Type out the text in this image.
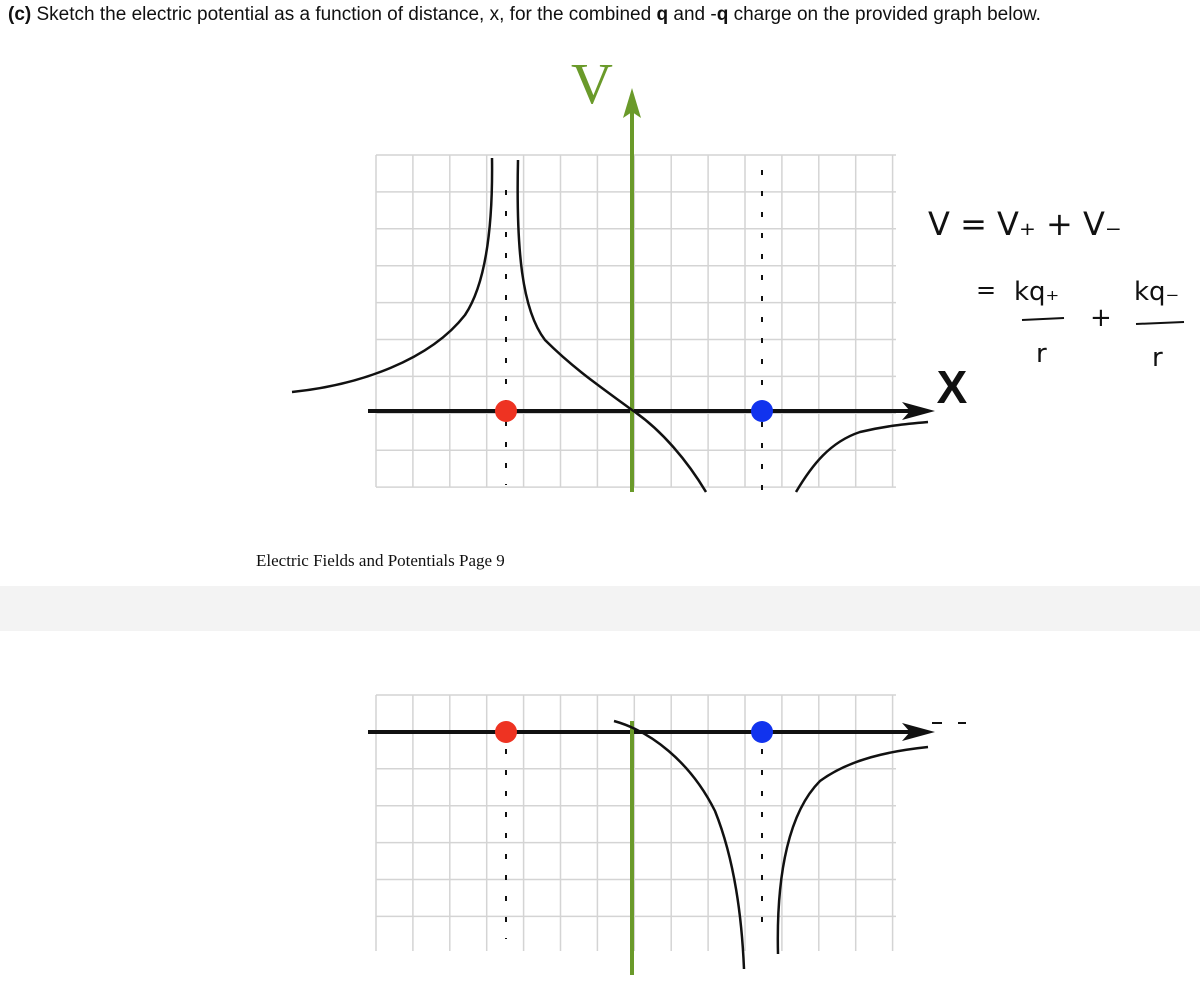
(c) Sketch the electric potential as a function of distance, x, for the combined q and -q charge on the provided graph below.
V
X
V = V₊ + V₋
= kq₊
r
+
kq₋
r
Electric Fields and Potentials Page 9
